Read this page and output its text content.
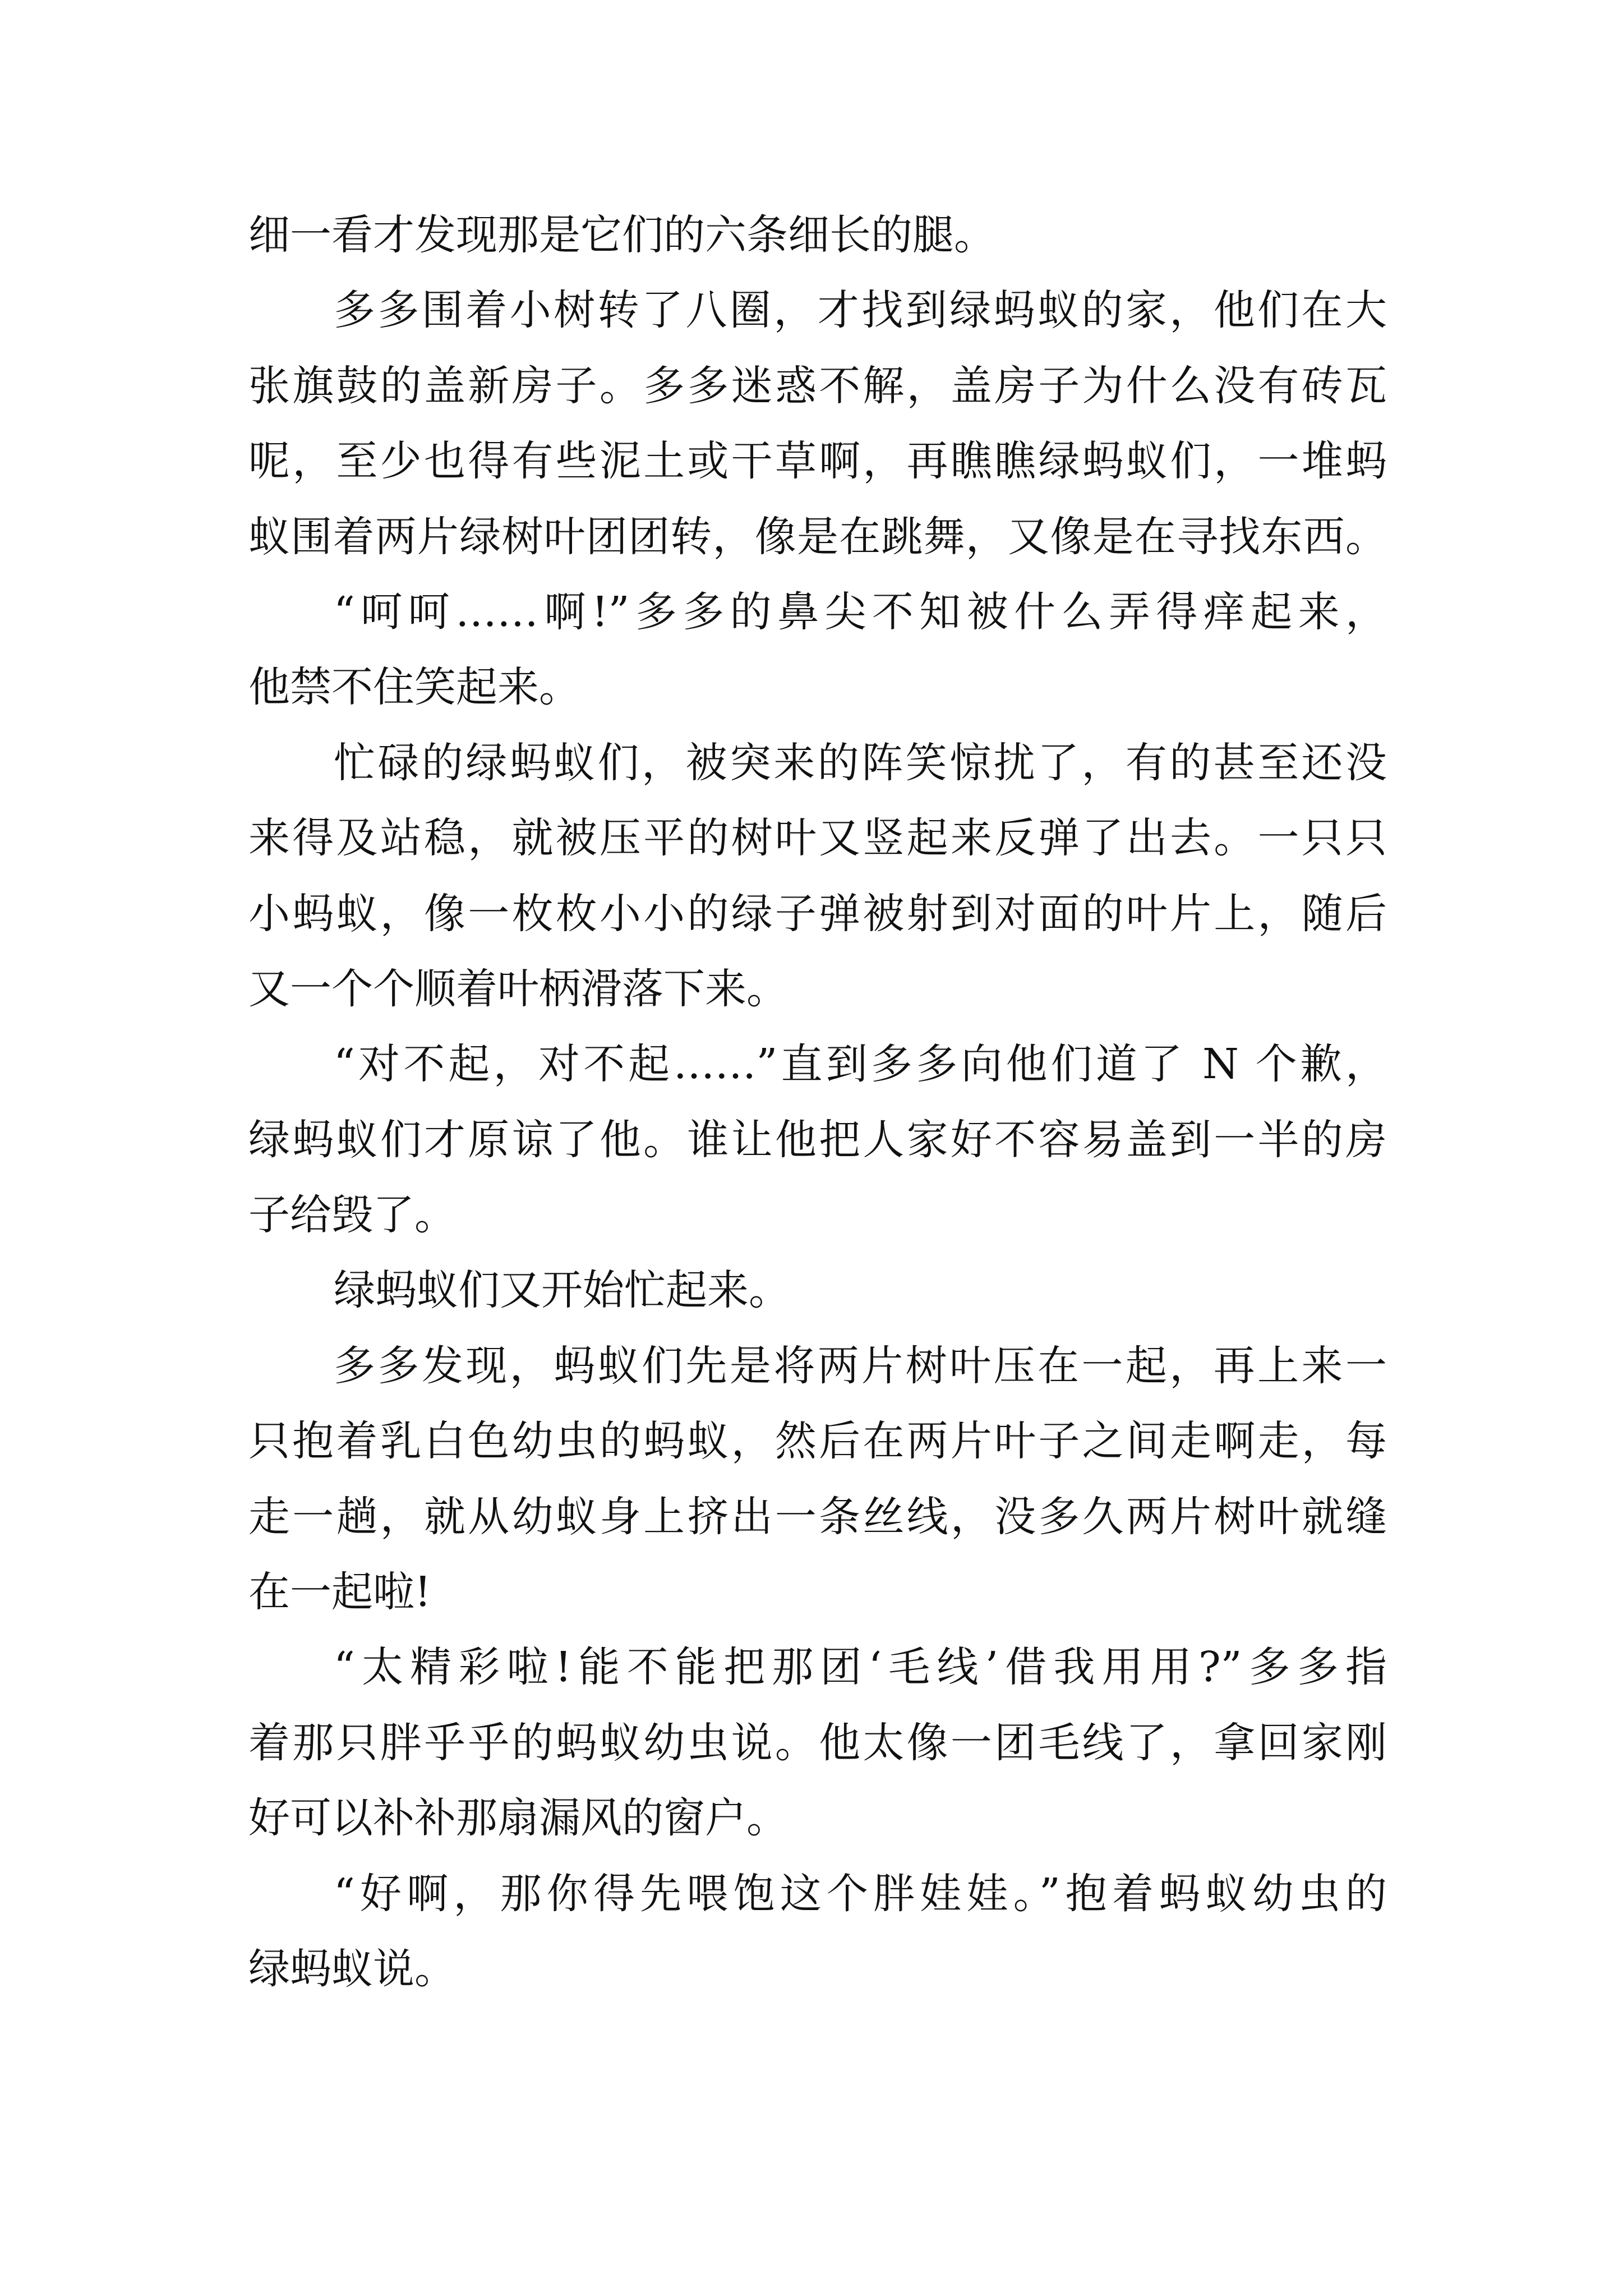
细一看才发现那是它们的六条细长的腿。
多多围着小树转了八圈，才找到绿蚂蚁的家，他们在大
张旗鼓的盖新房子。多多迷惑不解，盖房子为什么没有砖瓦
呢，至少也得有些泥土或干草啊，再瞧瞧绿蚂蚁们，一堆蚂
蚁围着两片绿树叶团团转，像是在跳舞，又像是在寻找东西。
“呵呵……啊!”多多的鼻尖不知被什么弄得痒起来，
他禁不住笑起来。
忙碌的绿蚂蚁们，被突来的阵笑惊扰了，有的甚至还没
来得及站稳，就被压平的树叶又竖起来反弹了出去。一只只
小蚂蚁，像一枚枚小小的绿子弹被射到对面的叶片上，随后
又一个个顺着叶柄滑落下来。
“对不起，对不起……”直到多多向他们道了 N 个歉，
绿蚂蚁们才原谅了他。谁让他把人家好不容易盖到一半的房
子给毁了。
绿蚂蚁们又开始忙起来。
多多发现，蚂蚁们先是将两片树叶压在一起，再上来一
只抱着乳白色幼虫的蚂蚁，然后在两片叶子之间走啊走，每
走一趟，就从幼蚁身上挤出一条丝线，没多久两片树叶就缝
在一起啦!
“太精彩啦!能不能把那团‘毛线’借我用用?”多多指
着那只胖乎乎的蚂蚁幼虫说。他太像一团毛线了，拿回家刚
好可以补补那扇漏风的窗户。
“好啊，那你得先喂饱这个胖娃娃。”抱着蚂蚁幼虫的
绿蚂蚁说。
